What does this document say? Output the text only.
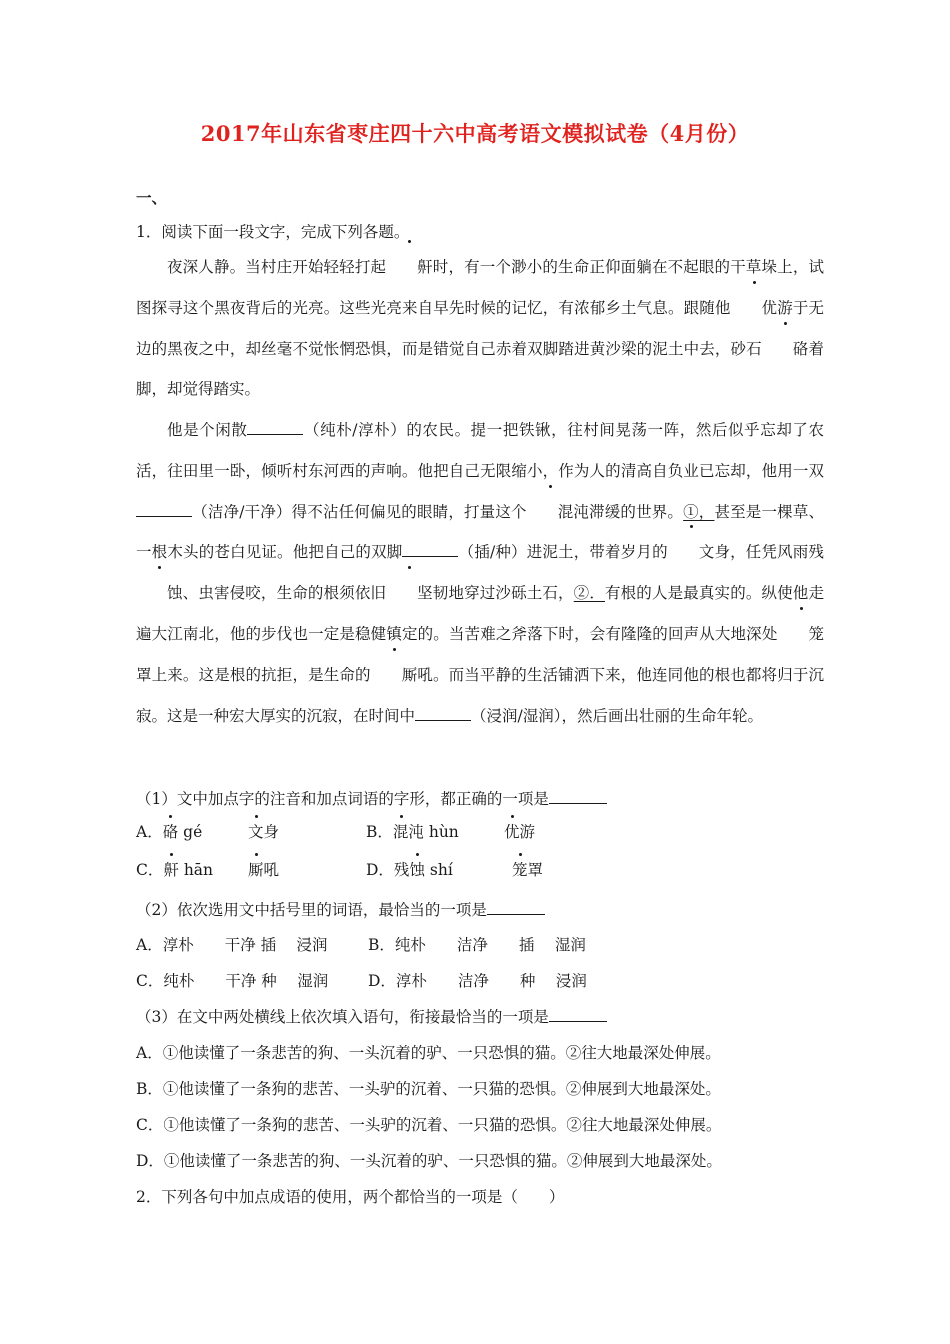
2017年山东省枣庄四十六中高考语文模拟试卷（4月份）
一、
1．阅读下面一段文字，完成下列各题。

夜深人静。当村庄开始轻轻打起 鼾时，有一个渺小的生命正仰面躺在不起眼的干草垛上，试图探寻这个黑夜背后的光亮。这些光亮来自早先时候的记忆，有浓郁乡土气息。跟随他 优游于无边的黑夜之中，却丝毫不觉怅惘恐惧，而是错觉自己赤着双脚踏进黄沙梁的泥土中去，砂石 硌着脚，却觉得踏实。

他是个闲散	（纯朴/淳朴）的农民。提一把铁锹，往村间晃荡一阵，然后似乎忘却了农活，往田里一卧，倾听村东河西的声响。他把自己无限缩小，作为人的清高自负业已忘却，他用一双（洁净/干净）得不沾任何偏见的眼睛，打量这个 混沌滞缓的世界。①，甚至是一棵草、一根木头的苍白见证。他把自己的双脚	（插/种）进泥土，带着岁月的 文身，任凭风雨残蚀、虫害侵咬，生命的根须依旧 坚韧地穿过沙砾土石，②．有根的人是最真实的。纵使他走遍大江南北，他的步伐也一定是稳健镇定的。当苦难之斧落下时，会有隆隆的回声从大地深处 笼罩上来。这是根的抗拒，是生命的 厮吼。而当平静的生活铺洒下来，他连同他的根也都将归于沉寂。这是一种宏大厚实的沉寂，在时间中	（浸润/湿润），然后画出壮丽的生命年轮。

（1）文中加点字的注音和加点词语的字形，都正确的一项是
A．硌 gé	文身	B．混沌 hùn	优游
C．鼾 hān 厮吼	D．残蚀 shí	笼罩
（2）依次选用文中括号里的词语，最恰当的一项是
A．淳朴　　干净 插　 浸润	B．纯朴　　洁净　　插　 湿润
C．纯朴　　干净 种　 湿润	D．淳朴　　洁净　　种　 浸润
（3）在文中两处横线上依次填入语句，衔接最恰当的一项是
A．①他读懂了一条悲苦的狗、一头沉着的驴、一只恐惧的猫。②往大地最深处伸展。
B．①他读懂了一条狗的悲苦、一头驴的沉着、一只猫的恐惧。②伸展到大地最深处。
C．①他读懂了一条狗的悲苦、一头驴的沉着、一只猫的恐惧。②往大地最深处伸展。
D．①他读懂了一条悲苦的狗、一头沉着的驴、一只恐惧的猫。②伸展到大地最深处。
2．下列各句中加点成语的使用，两个都恰当的一项是（　　）
